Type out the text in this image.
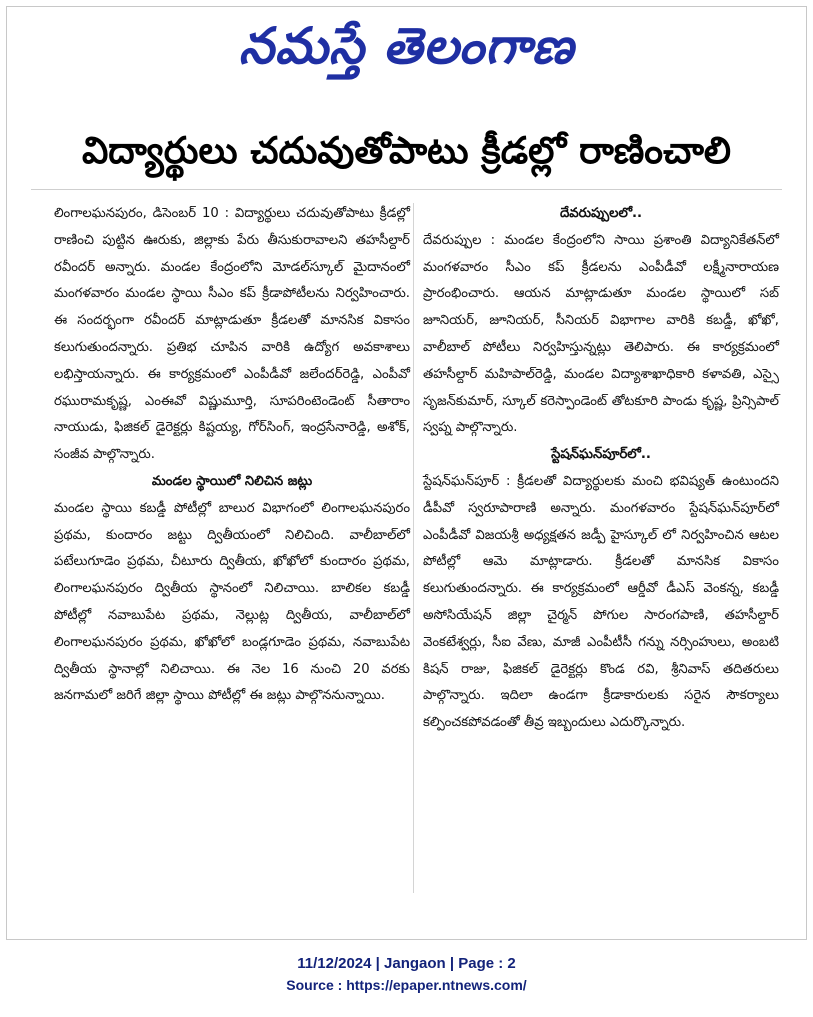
నమస్తే తెలంగాణ
విద్యార్థులు చదువుతోపాటు క్రీడల్లో రాణించాలి

లింగాలఘనపురం, డిసెంబర్ 10 : విద్యార్థులు చదువుతోపాటు క్రీడల్లో రాణించి పుట్టిన ఊరుకు, జిల్లాకు పేరు తీసుకురావాలని తహసీల్దార్ రవీందర్ అన్నారు. మండల కేంద్రంలోని మోడల్‌స్కూల్ మైదానంలో మంగళవారం మండల స్థాయి సీఎం కప్ క్రీడాపోటీలను నిర్వహించారు. ఈ సందర్భంగా రవీందర్ మాట్లాడుతూ క్రీడలతో మానసిక వికాసం కలుగుతుందన్నారు. ప్రతిభ చూపిన వారికి ఉద్యోగ అవకాశాలు లభిస్తాయన్నారు. ఈ కార్యక్రమంలో ఎంపీడీవో జలేందర్‌రెడ్డి, ఎంపీవో రఘురామకృష్ణ, ఎంఈవో విష్ణుమూర్తి, సూపరింటెండెంట్ సీతారాం నాయుడు, ఫిజికల్ డైరెక్టర్లు కిష్టయ్య, గోర్‌సింగ్, ఇంద్రసేనారెడ్డి, అశోక్, సంజీవ పాల్గొన్నారు.

మండల స్థాయిలో నిలిచిన జట్లు

మండల స్థాయి కబడ్డీ పోటీల్లో బాలుర విభాగంలో లింగాలఘనపురం ప్రథమ, కుందారం జట్టు ద్వితీయంలో నిలిచింది. వాలీబాల్‌లో పటేలుగూడెం ప్రథమ, చీటూరు ద్వితీయ, ఖోఖోలో కుందారం ప్రథమ, లింగాలఘనపురం ద్వితీయ స్థానంలో నిలిచాయి. బాలికల కబడ్డీ పోటీల్లో నవాబుపేట ప్రథమ, నెల్లుట్ల ద్వితీయ, వాలీబాల్‌లో లింగాలఘనపురం ప్రథమ, ఖోఖోలో బండ్లగూడెం ప్రథమ, నవాబుపేట ద్వితీయ స్థానాల్లో నిలిచాయి. ఈ నెల 16 నుంచి 20 వరకు జనగామలో జరిగే జిల్లా స్థాయి పోటీల్లో ఈ జట్లు పాల్గొననున్నాయి.

దేవరుప్పులలో..

దేవరుప్పుల : మండల కేంద్రంలోని సాయి ప్రశాంతి విద్యానికేతన్‌లో మంగళవారం సీఎం కప్ క్రీడలను ఎంపీడీవో లక్ష్మీనారాయణ ప్రారంభించారు. ఆయన మాట్లాడుతూ మండల స్థాయిలో సబ్ జూనియర్, జూనియర్, సీనియర్ విభాగాల వారికి కబడ్డీ, ఖోఖో, వాలీబాల్ పోటీలు నిర్వహిస్తున్నట్లు తెలిపారు. ఈ కార్యక్రమంలో తహసీల్దార్ మహిపాల్‌రెడ్డి, మండల విద్యాశాఖాధికారి కళావతి, ఎస్సై సృజన్‌కుమార్, స్కూల్ కరెస్పాండెంట్ తోటకూరి పాండు కృష్ణ, ప్రిన్సిపాల్ స్వప్న పాల్గొన్నారు.

స్టేషన్‌ఘన్‌పూర్‌లో..

స్టేషన్‌ఘన్‌పూర్ : క్రీడలతో విద్యార్థులకు మంచి భవిష్యత్ ఉంటుందని డీపీవో స్వరూపారాణి అన్నారు. మంగళవారం స్టేషన్‌ఘన్‌పూర్‌లో ఎంపీడీవో విజయశ్రీ అధ్యక్షతన జడ్పీ హైస్కూల్ లో నిర్వహించిన ఆటల పోటీల్లో ఆమె మాట్లాడారు. క్రీడలతో మానసిక వికాసం కలుగుతుందన్నారు. ఈ కార్యక్రమంలో ఆర్డీవో డీఎస్ వెంకన్న, కబడ్డీ అసోసియేషన్ జిల్లా చైర్మన్ పోగుల సారంగపాణి, తహసీల్దార్ వెంకటేశ్వర్లు, సీఐ వేణు, మాజీ ఎంపీటీసీ గన్ను నర్సింహులు, అంబటి కిషన్ రాజు, ఫిజికల్ డైరెక్టర్లు కొండ రవి, శ్రీనివాస్ తదితరులు పాల్గొన్నారు. ఇదిలా ఉండగా క్రీడాకారులకు సరైన సౌకర్యాలు కల్పించకపోవడంతో తీవ్ర ఇబ్బందులు ఎదుర్కొన్నారు.

11/12/2024 | Jangaon | Page : 2
Source : https://epaper.ntnews.com/
